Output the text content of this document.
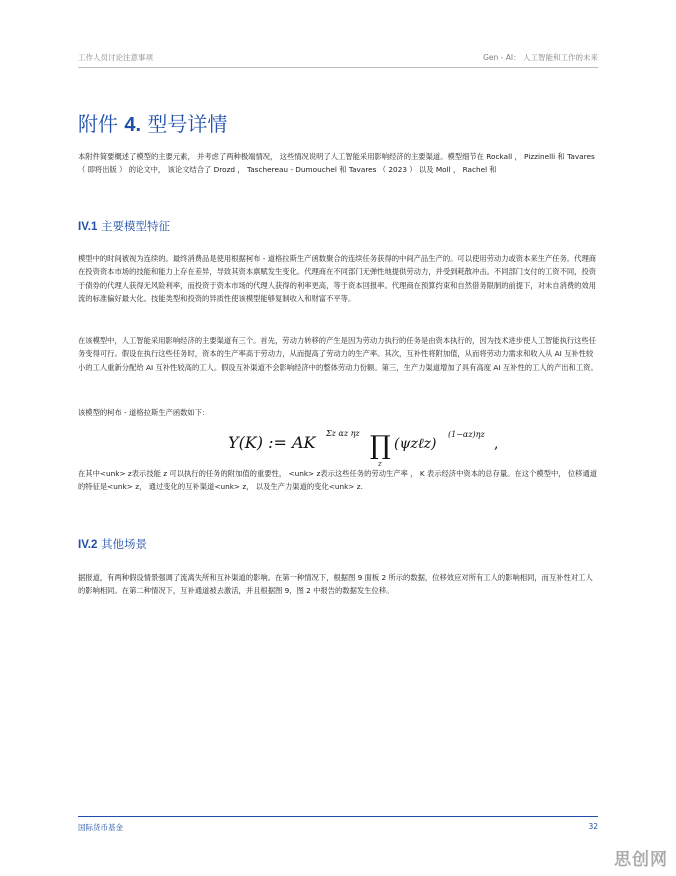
工作人员讨论注意事项	Gen - AI： 人工智能和工作的未来
附件 4. 型号详情
本附件简要概述了模型的主要元素， 并考虑了两种极端情况， 这些情况说明了人工智能采用影响经济的主要渠道。模型细节在 Rockall ， Pizzinelli 和 Tavares （ 即将出版 ） 的论文中， 该论文结合了 Drozd ， Taschereau - Dumouchel 和 Tavares （ 2023 ） 以及 Moll ， Rachel 和
IV.1 主要模型特征
模型中的时间被视为连续的。最终消费品是使用根据柯布 - 道格拉斯生产函数聚合的连续任务获得的中间产品生产的。可以使用劳动力或资本来生产任务。代理商在投资资本市场的技能和能力上存在差异，导致其资本禀赋发生变化。代理商在不同部门无弹性地提供劳动力，并受到耗散冲击。不同部门支付的工资不同，投资于债券的代理人获得无风险利率，而投资于资本市场的代理人获得的利率更高，等于资本回报率。代理商在预算约束和自然借务限制的前提下，对未自消费的效用流的标准偏好最大化。技能类型和投资的异质性使该模型能够复制收入和财富不平等。
在该模型中，人工智能采用影响经济的主要渠道有三个。首先，劳动力转移的产生是因为劳动力执行的任务是由资本执行的，因为技术进步使人工智能执行这些任务变得可行。假设在执行这些任务时，资本的生产率高于劳动力，从而提高了劳动力的生产率。其次，互补性将附加值，从而将劳动力需求和收入从 AI 互补性较小的工人重新分配给 AI 互补性较高的工人。假设互补渠道不会影响经济中的整体劳动力份额。第三，生产力渠道增加了具有高度 AI 互补性的工人的产出和工资。
该模型的柯布 - 道格拉斯生产函数如下：
Y(K) := AK Σz αz ηz ∏
z
(ψzℓz)
(1−αz)ηz
,
在其中<unk> z表示技能 z 可以执行的任务的附加值的重要性， <unk> z表示这些任务的劳动生产率 ， K 表示经济中资本的总存量。在这个模型中， 位移通道的特征是<unk> z， 通过变化的互补渠道<unk> z， 以及生产力渠道的变化<unk> z.
IV.2 其他场景
据报道，有两种假设情景强调了流离失所和互补渠道的影响。在第一种情况下，根据图 9 面板 2 所示的数据，位移效应对所有工人的影响相同，而互补性对工人的影响相同。在第二种情况下，互补通道被去激活，并且根据图 9，图 2 中报告的数据发生位移。
国际货币基金	32
思创网
